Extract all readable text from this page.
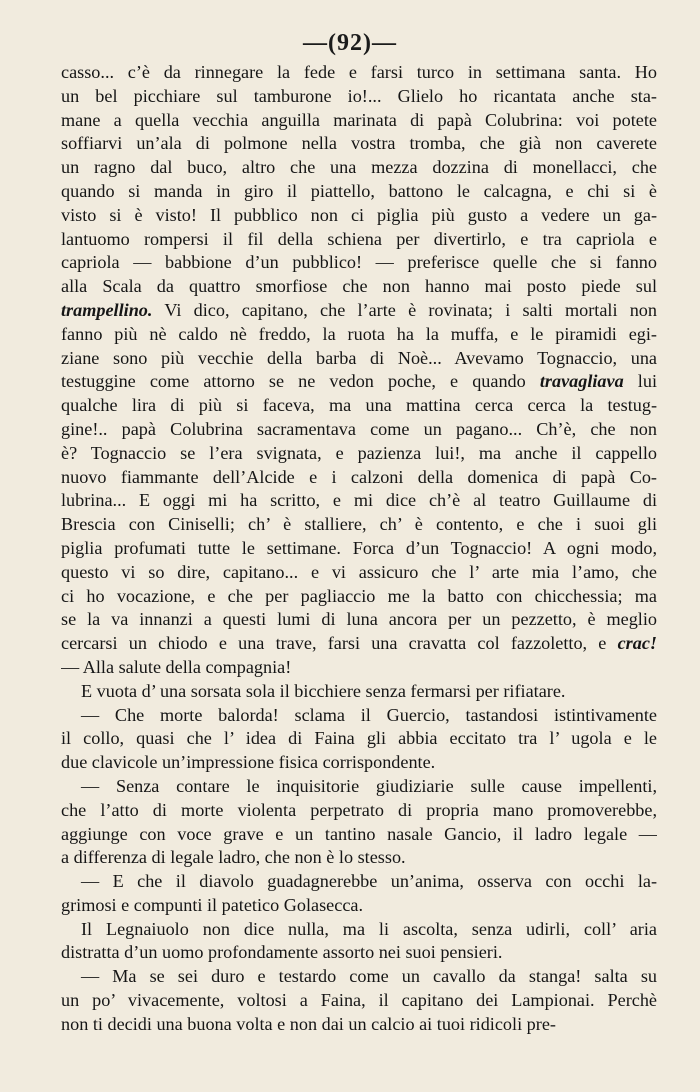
—(92)—
casso... c’è da rinnegare la fede e farsi turco in settimana santa. Ho
un bel picchiare sul tamburone io!... Glielo ho ricantata anche sta-
mane a quella vecchia anguilla marinata di papà Colubrina: voi potete
soffiarvi un’ala di polmone nella vostra tromba, che già non caverete
un ragno dal buco, altro che una mezza dozzina di monellacci, che
quando si manda in giro il piattello, battono le calcagna, e chi si è
visto si è visto! Il pubblico non ci piglia più gusto a vedere un ga-
lantuomo rompersi il fil della schiena per divertirlo, e tra capriola e
capriola — babbione d’un pubblico! — preferisce quelle che si fanno
alla Scala da quattro smorfiose che non hanno mai posto piede sul
trampellino. Vi dico, capitano, che l’arte è rovinata; i salti mortali non
fanno più nè caldo nè freddo, la ruota ha la muffa, e le piramidi egi-
ziane sono più vecchie della barba di Noè... Avevamo Tognaccio, una
testuggine come attorno se ne vedon poche, e quando travagliava lui
qualche lira di più si faceva, ma una mattina cerca cerca la testug-
gine!.. papà Colubrina sacramentava come un pagano... Ch’è, che non
è? Tognaccio se l’era svignata, e pazienza lui!, ma anche il cappello
nuovo fiammante dell’Alcide e i calzoni della domenica di papà Co-
lubrina... E oggi mi ha scritto, e mi dice ch’è al teatro Guillaume di
Brescia con Ciniselli; ch’ è stalliere, ch’ è contento, e che i suoi gli
piglia profumati tutte le settimane. Forca d’un Tognaccio! A ogni modo,
questo vi so dire, capitano... e vi assicuro che l’ arte mia l’amo, che
ci ho vocazione, e che per pagliaccio me la batto con chicchessia; ma
se la va innanzi a questi lumi di luna ancora per un pezzetto, è meglio
cercarsi un chiodo e una trave, farsi una cravatta col fazzoletto, e crac!
— Alla salute della compagnia!
E vuota d’ una sorsata sola il bicchiere senza fermarsi per rifiatare.
— Che morte balorda! sclama il Guercio, tastandosi istintivamente
il collo, quasi che l’ idea di Faina gli abbia eccitato tra l’ ugola e le
due clavicole un’impressione fisica corrispondente.
— Senza contare le inquisitorie giudiziarie sulle cause impellenti,
che l’atto di morte violenta perpetrato di propria mano promoverebbe,
aggiunge con voce grave e un tantino nasale Gancio, il ladro legale —
a differenza di legale ladro, che non è lo stesso.
— E che il diavolo guadagnerebbe un’anima, osserva con occhi la-
grimosi e compunti il patetico Golasecca.
Il Legnaiuolo non dice nulla, ma li ascolta, senza udirli, coll’ aria
distratta d’un uomo profondamente assorto nei suoi pensieri.
— Ma se sei duro e testardo come un cavallo da stanga! salta su
un po’ vivacemente, voltosi a Faina, il capitano dei Lampionai. Perchè
non ti decidi una buona volta e non dai un calcio ai tuoi ridicoli pre-
